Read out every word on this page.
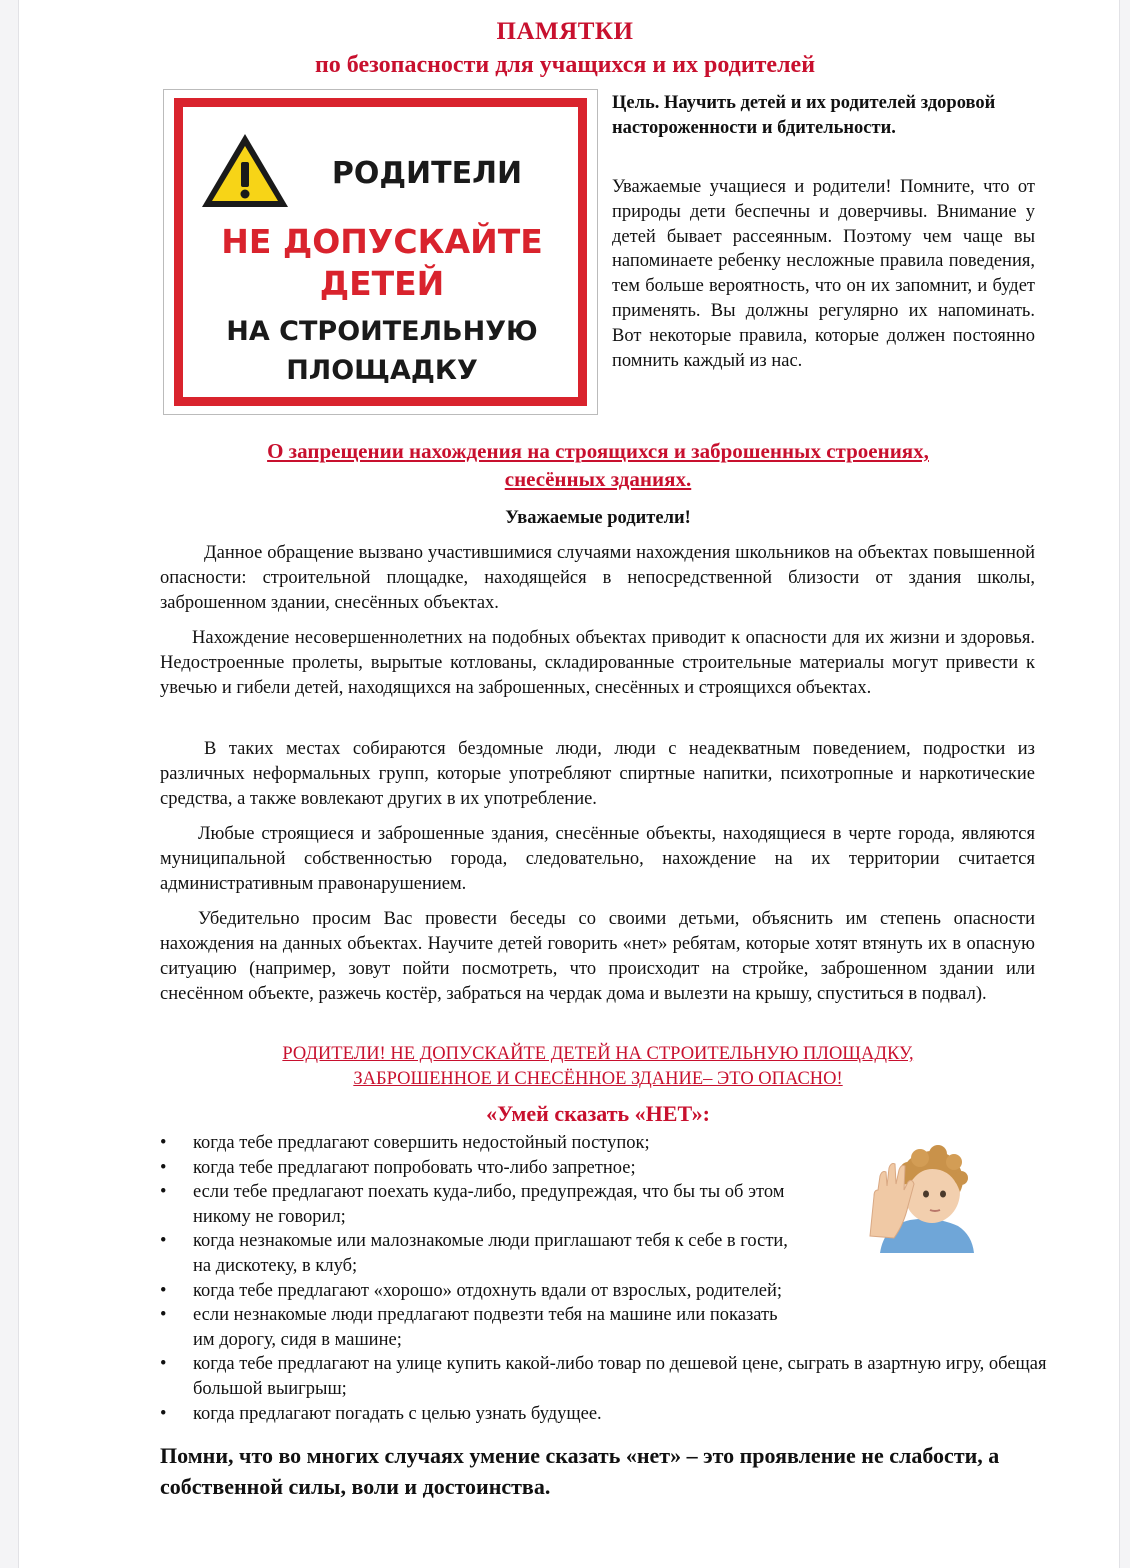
ПАМЯТКИ
по безопасности для учащихся и их родителей
РОДИТЕЛИ
НЕ ДОПУСКАЙТЕ
ДЕТЕЙ
НА СТРОИТЕЛЬНУЮ
ПЛОЩАДКУ
Цель. Научить детей и их родителей здоровой настороженности и бдительности.
Уважаемые учащиеся и родители! Помните, что от природы дети беспечны и доверчивы. Внимание у детей бывает рассеянным. Поэтому чем чаще вы напоминаете ребенку несложные правила поведения, тем больше вероятность, что он их запомнит, и будет применять. Вы должны регулярно их напоминать. Вот некоторые правила, которые должен постоянно помнить каждый из нас.
О запрещении нахождения на строящихся и заброшенных строениях,
снесённых зданиях.
Уважаемые родители!

Данное обращение вызвано участившимися случаями нахождения школьников на объектах повышенной опасности: строительной площадке, находящейся в непосредственной близости от здания школы, заброшенном здании, снесённых объектах.

Нахождение несовершеннолетних на подобных объектах приводит к опасности для их жизни и здоровья. Недостроенные пролеты, вырытые котлованы, складированные строительные материалы могут привести к увечью и гибели детей, находящихся на заброшенных, снесённых и строящихся объектах.

В таких местах собираются бездомные люди, люди с неадекватным поведением, подростки из различных неформальных групп, которые употребляют спиртные напитки, психотропные и наркотические средства, а также вовлекают других в их употребление.

Любые строящиеся и заброшенные здания, снесённые объекты, находящиеся в черте города, являются муниципальной собственностью города, следовательно, нахождение на их территории считается административным правонарушением.

Убедительно просим Вас провести беседы со своими детьми, объяснить им степень опасности нахождения на данных объектах. Научите детей говорить «нет» ребятам, которые хотят втянуть их в опасную ситуацию (например, зовут пойти посмотреть, что происходит на стройке, заброшенном здании или снесённом объекте, разжечь костёр, забраться на чердак дома и вылезти на крышу, спуститься в подвал).

РОДИТЕЛИ! НЕ ДОПУСКАЙТЕ ДЕТЕЙ НА СТРОИТЕЛЬНУЮ ПЛОЩАДКУ,
ЗАБРОШЕННОЕ И СНЕСЁННОЕ ЗДАНИЕ– ЭТО ОПАСНО!
«Умей сказать «НЕТ»:
•	когда тебе предлагают совершить недостойный поступок;
•	когда тебе предлагают попробовать что-либо запретное;
•	если тебе предлагают поехать куда-либо, предупреждая, что бы ты об этом никому не говорил;
•	когда незнакомые или малознакомые люди приглашают тебя к себе в гости, на дискотеку, в клуб;
•	когда тебе предлагают «хорошо» отдохнуть вдали от взрослых, родителей;
•	если незнакомые люди предлагают подвезти тебя на машине или показать им дорогу, сидя в машине;
•	когда тебе предлагают на улице купить какой-либо товар по дешевой цене, сыграть в азартную игру, обещая большой выигрыш;
•	когда предлагают погадать с целью узнать будущее.
Помни, что во многих случаях умение сказать «нет» – это проявление не слабости, а собственной силы, воли и достоинства.
